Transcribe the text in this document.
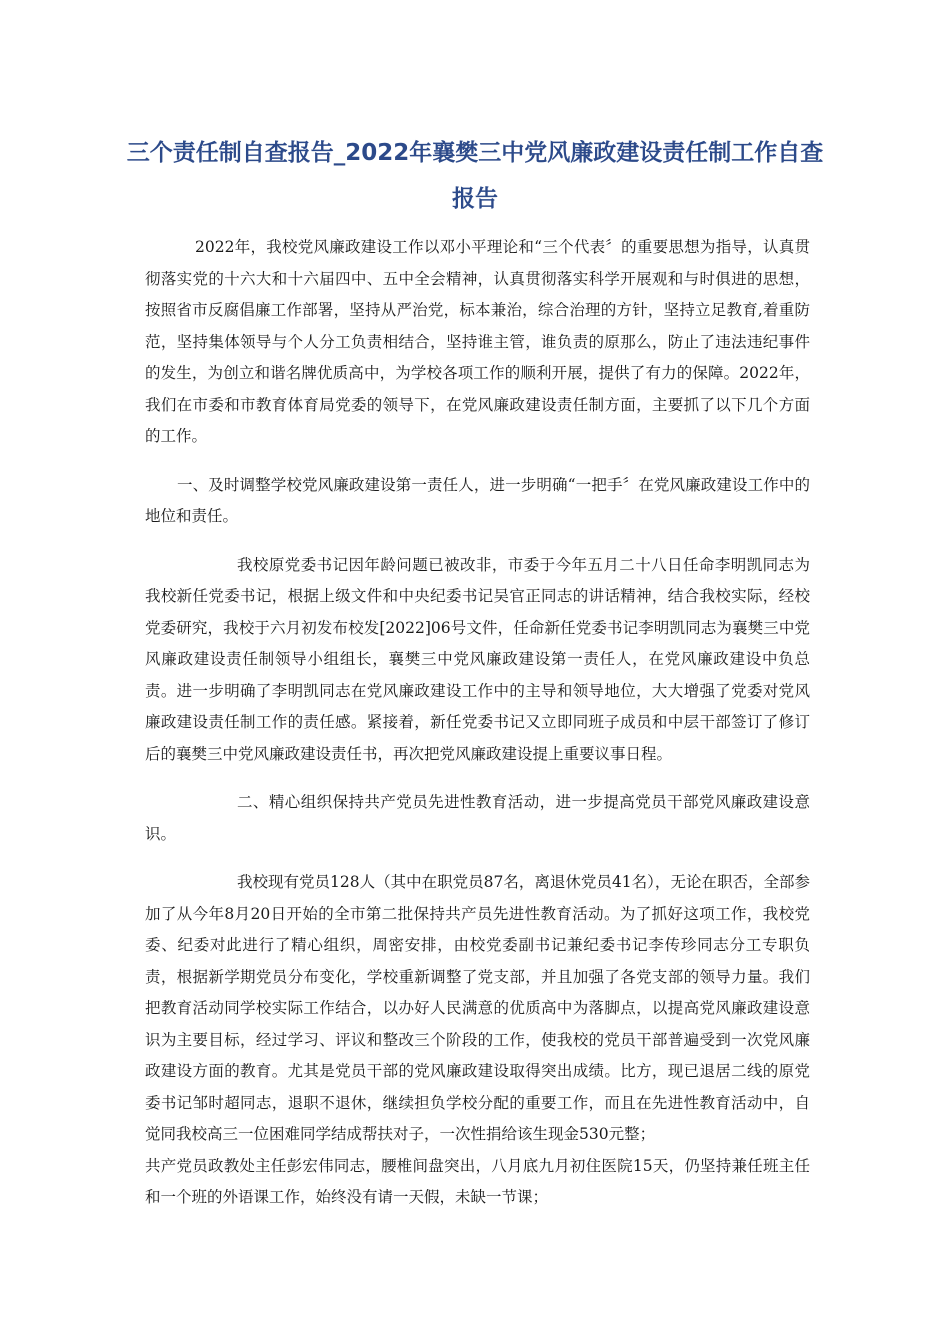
三个责任制自查报告_2022年襄樊三中党风廉政建设责任制工作自查报告

2022年，我校党风廉政建设工作以邓小平理论和“三个代表〞的重要思想为指导，认真贯彻落实党的十六大和十六届四中、五中全会精神，认真贯彻落实科学开展观和与时俱进的思想，按照省市反腐倡廉工作部署，坚持从严治党，标本兼治，综合治理的方针，坚持立足教育,着重防范，坚持集体领导与个人分工负责相结合，坚持谁主管，谁负责的原那么，防止了违法违纪事件的发生，为创立和谐名牌优质高中，为学校各项工作的顺利开展，提供了有力的保障。2022年，我们在市委和市教育体育局党委的领导下，在党风廉政建设责任制方面，主要抓了以下几个方面的工作。

一、及时调整学校党风廉政建设第一责任人，进一步明确“一把手〞在党风廉政建设工作中的地位和责任。

我校原党委书记因年龄问题已被改非，市委于今年五月二十八日任命李明凯同志为我校新任党委书记，根据上级文件和中央纪委书记吴官正同志的讲话精神，结合我校实际，经校党委研究，我校于六月初发布校发[2022]06号文件，任命新任党委书记李明凯同志为襄樊三中党风廉政建设责任制领导小组组长，襄樊三中党风廉政建设第一责任人，在党风廉政建设中负总责。进一步明确了李明凯同志在党风廉政建设工作中的主导和领导地位，大大增强了党委对党风廉政建设责任制工作的责任感。紧接着，新任党委书记又立即同班子成员和中层干部签订了修订后的襄樊三中党风廉政建设责任书，再次把党风廉政建设提上重要议事日程。

二、精心组织保持共产党员先进性教育活动，进一步提高党员干部党风廉政建设意识。

我校现有党员128人（其中在职党员87名，离退休党员41名），无论在职否，全部参加了从今年8月20日开始的全市第二批保持共产员先进性教育活动。为了抓好这项工作，我校党委、纪委对此进行了精心组织，周密安排，由校党委副书记兼纪委书记李传珍同志分工专职负责，根据新学期党员分布变化，学校重新调整了党支部，并且加强了各党支部的领导力量。我们把教育活动同学校实际工作结合，以办好人民满意的优质高中为落脚点，以提高党风廉政建设意识为主要目标，经过学习、评议和整改三个阶段的工作，使我校的党员干部普遍受到一次党风廉政建设方面的教育。尤其是党员干部的党风廉政建设取得突出成绩。比方，现已退居二线的原党委书记邹时超同志，退职不退休，继续担负学校分配的重要工作，而且在先进性教育活动中，自觉同我校高三一位困难同学结成帮扶对子，一次性捐给该生现金530元整；

共产党员政教处主任彭宏伟同志，腰椎间盘突出，八月底九月初住医院15天，仍坚持兼任班主任和一个班的外语课工作，始终没有请一天假，未缺一节课；
